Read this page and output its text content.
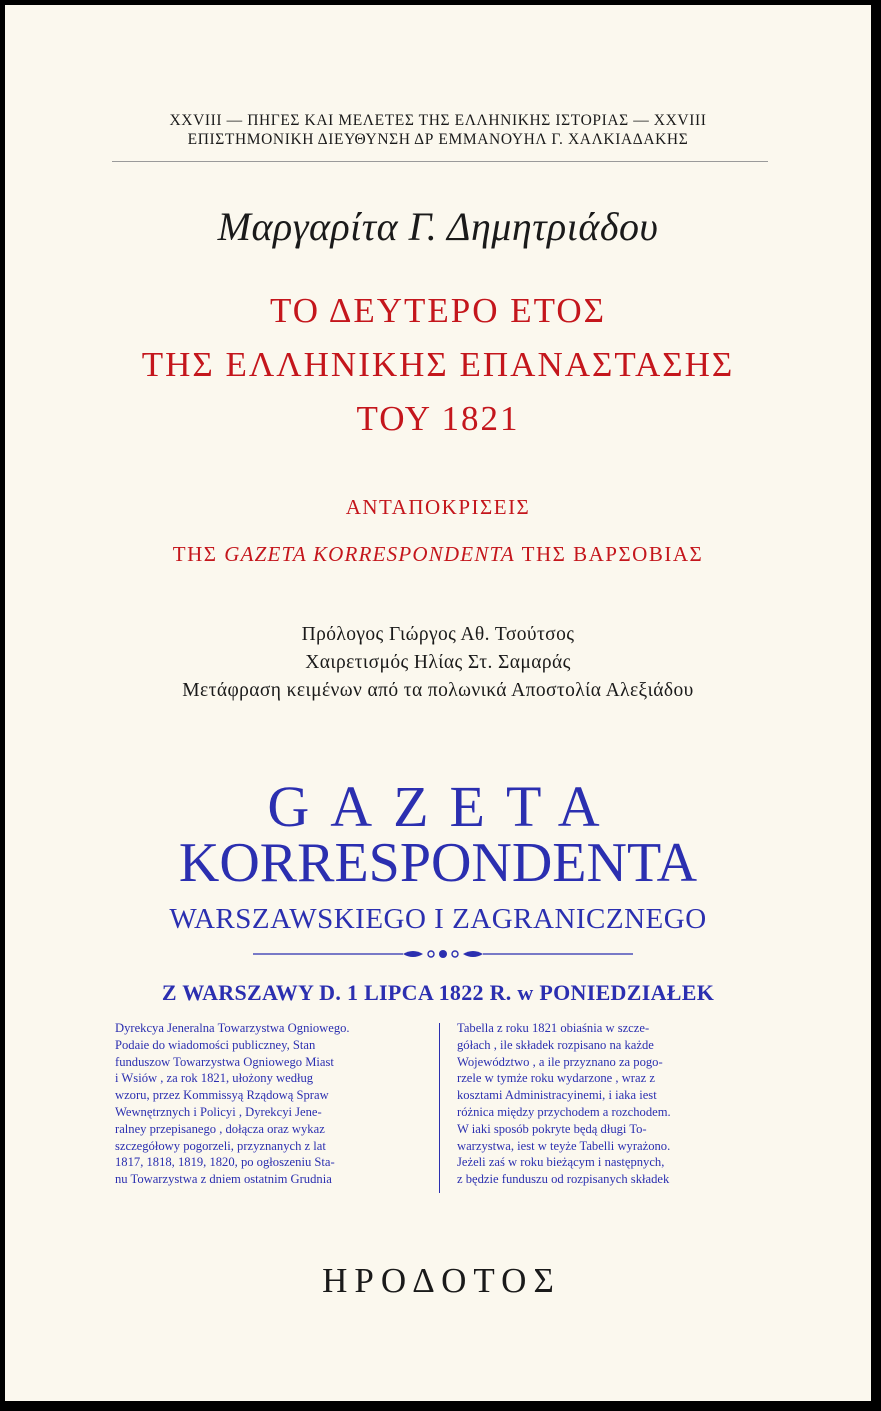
XXVIII — ΠΗΓΕΣ ΚΑΙ ΜΕΛΕΤΕΣ ΤΗΣ ΕΛΛΗΝΙΚΗΣ ΙΣΤΟΡΙΑΣ — XXVIII
ΕΠΙΣΤΗΜΟΝΙΚΗ ΔΙΕΥΘΥΝΣΗ ΔΡ ΕΜΜΑΝΟΥΗΛ Γ. ΧΑΛΚΙΑΔΑΚΗΣ
Μαργαρίτα Γ. Δημητριάδου
ΤΟ ΔΕΥΤΕΡΟ ΕΤΟΣ
ΤΗΣ ΕΛΛΗΝΙΚΗΣ ΕΠΑΝΑΣΤΑΣΗΣ
ΤΟΥ 1821
ΑΝΤΑΠΟΚΡΙΣΕΙΣ
ΤΗΣ GAZETA KORRESPONDENTA ΤΗΣ ΒΑΡΣΟΒΙΑΣ
Πρόλογος Γιώργος Αθ. Τσούτσος
Χαιρετισμός Ηλίας Στ. Σαμαράς
Μετάφραση κειμένων από τα πολωνικά Αποστολία Αλεξιάδου
GAZETA
KORRESPONDENTA
WARSZAWSKIEGO I ZAGRANICZNEGO
Z WARSZAWY D. 1 LIPCA 1822 R. w PONIEDZIAŁEK
Dyrekcya Jeneralna Towarzystwa Ogniowego.
Podaie do wiadomości publiczney, Stan
funduszow Towarzystwa Ogniowego Miast
i Wsiów , za rok 1821, ułożony według
wzoru, przez Kommissyą Rządową Spraw
Wewnętrznych i Policyi , Dyrekcyi Jene-
ralney przepisanego , dołącza oraz wykaz
szczegółowy pogorzeli, przyznanych z lat
1817, 1818, 1819, 1820, po ogłoszeniu Sta-
nu Towarzystwa z dniem ostatnim Grudnia
Tabella z roku 1821 obiaśnia w szcze-
gółach , ile składek rozpisano na każde
Województwo , a ile przyznano za pogo-
rzele w tymże roku wydarzone , wraz z
kosztami Administracyinemi, i iaka iest
różnica między przychodem a rozchodem.
W iaki sposób pokryte będą długi To-
warzystwa, iest w teyże Tabelli wyrażono.
Jeżeli zaś w roku bieżącym i następnych,
z będzie funduszu od rozpisanych składek
ΗΡΟΔΟΤΟΣ
